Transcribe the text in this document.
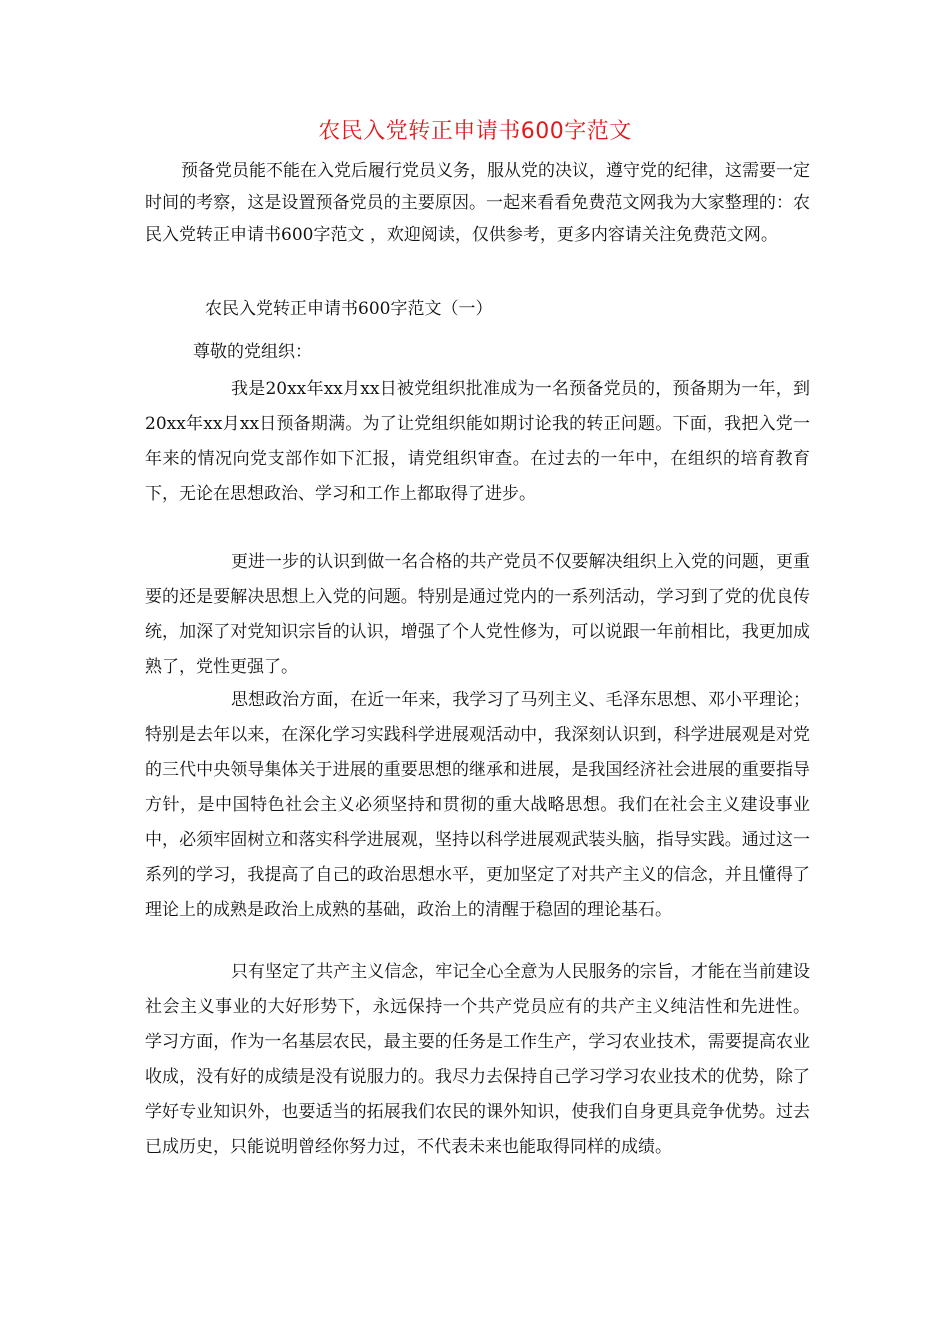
农民入党转正申请书600字范文
预备党员能不能在入党后履行党员义务，服从党的决议，遵守党的纪律，这需要一定时间的考察，这是设置预备党员的主要原因。一起来看看免费范文网我为大家整理的：农民入党转正申请书600字范文 ，欢迎阅读，仅供参考，更多内容请关注免费范文网。
农民入党转正申请书600字范文（一）
尊敬的党组织：
我是20xx年xx月xx日被党组织批准成为一名预备党员的，预备期为一年，到20xx年xx月xx日预备期满。为了让党组织能如期讨论我的转正问题。下面，我把入党一年来的情况向党支部作如下汇报，请党组织审查。在过去的一年中，在组织的培育教育下，无论在思想政治、学习和工作上都取得了进步。
更进一步的认识到做一名合格的共产党员不仅要解决组织上入党的问题，更重要的还是要解决思想上入党的问题。特别是通过党内的一系列活动，学习到了党的优良传统，加深了对党知识宗旨的认识，增强了个人党性修为，可以说跟一年前相比，我更加成熟了，党性更强了。
思想政治方面，在近一年来，我学习了马列主义、毛泽东思想、邓小平理论；特别是去年以来，在深化学习实践科学进展观活动中，我深刻认识到，科学进展观是对党的三代中央领导集体关于进展的重要思想的继承和进展，是我国经济社会进展的重要指导方针，是中国特色社会主义必须坚持和贯彻的重大战略思想。我们在社会主义建设事业中，必须牢固树立和落实科学进展观，坚持以科学进展观武装头脑，指导实践。通过这一系列的学习，我提高了自己的政治思想水平，更加坚定了对共产主义的信念，并且懂得了理论上的成熟是政治上成熟的基础，政治上的清醒于稳固的理论基石。
只有坚定了共产主义信念，牢记全心全意为人民服务的宗旨，才能在当前建设社会主义事业的大好形势下，永远保持一个共产党员应有的共产主义纯洁性和先进性。 学习方面，作为一名基层农民，最主要的任务是工作生产，学习农业技术，需要提高农业收成，没有好的成绩是没有说服力的。我尽力去保持自己学习学习农业技术的优势，除了学好专业知识外，也要适当的拓展我们农民的课外知识，使我们自身更具竞争优势。过去已成历史，只能说明曾经你努力过，不代表未来也能取得同样的成绩。
